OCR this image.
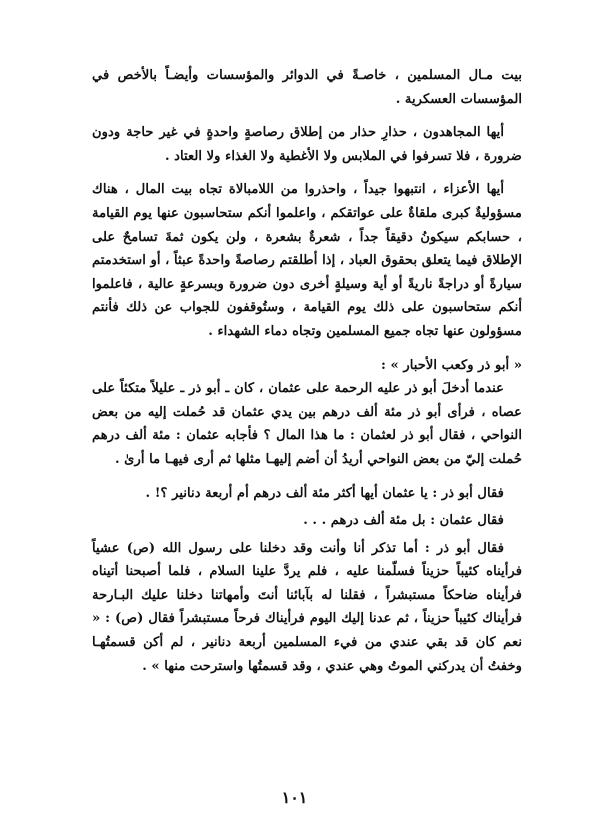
بيت مـال المسلمين ، خاصـةً في الدوائر والمؤسسات وأيضـاً بالأخص في المؤسسات العسكرية .

أيها المجاهدون ، حذارِ حذار من إطلاق رصاصةٍ واحدةٍ في غير حاجة ودون ضرورة ، فلا تسرفوا في الملابس ولا الأغطية ولا الغذاء ولا العتاد .

أيها الأعزاء ، انتبهوا جيداً ، واحذروا من اللامبالاة تجاه بيت المال ، هناك مسؤوليةٌ كبرى ملقاةٌ على عواتقكم ، واعلموا أنكم ستحاسبون عنها يوم القيامة ، حسابكم سيكونُ دقيقاً جداً ، شعرةٌ بشعرة ، ولن يكون ثمةَ تسامحٌ على الإطلاق فيما يتعلق بحقوق العباد ، إذا أطلقتم رصاصةً واحدةً عبثاً ، أو استخدمتم سيارةً أو دراجةً ناريةً أو أية وسيلةٍ أخرى دون ضرورة وبسرعةٍ عالية ، فاعلموا أنكم ستحاسبون على ذلك يوم القيامة ، وستُوقفون للجواب عن ذلك فأنتم مسؤولون عنها تجاه جميع المسلمين وتجاه دماء الشهداء .

« أبو ذر وكعب الأحبار » :

عندما أدخلَ أبو ذر عليه الرحمة على عثمان ، كان ـ أبو ذر ـ عليلاً متكئاً على عصاه ، فرأى أبو ذر مئة ألف درهم بين يدي عثمان قد حُملت إليه من بعض النواحي ، فقال أبو ذر لعثمان : ما هذا المال ؟ فأجابه عثمان : مئة ألف درهم حُملت إليّ من بعض النواحي أريدُ أن أضم إليهـا مثلها ثم أرى فيهـا ما أرىٰ .

فقال أبو ذر : يا عثمان أيها أكثر مئة ألف درهم أم أربعة دنانير ؟! .

فقال عثمان : بل مئة ألف درهم . . .

فقال أبو ذر : أما تذكر أنا وأنت وقد دخلنا على رسول الله (ص) عشياً فرأيناه كئيباً حزيناً فسلّمنا عليه ، فلم يردَّ علينا السلام ، فلما أصبحنا أتيناه فرأيناه ضاحكاً مستبشراً ، فقلنا له بآبائنا أنتَ وأمهاتنا دخلنا عليك البـارحة فرأيناك كئيباً حزيناً ، ثم عدنا إليك اليوم فرأيناك فرحاً مستبشراً فقال (ص) : « نعم كان قد بقي عندي من فيء المسلمين أربعة دنانير ، لم أكن قسمتُهـا وخفتُ أن يدركني الموتُ وهي عندي ، وقد قسمتُها واسترحت منها » .

١٠١
